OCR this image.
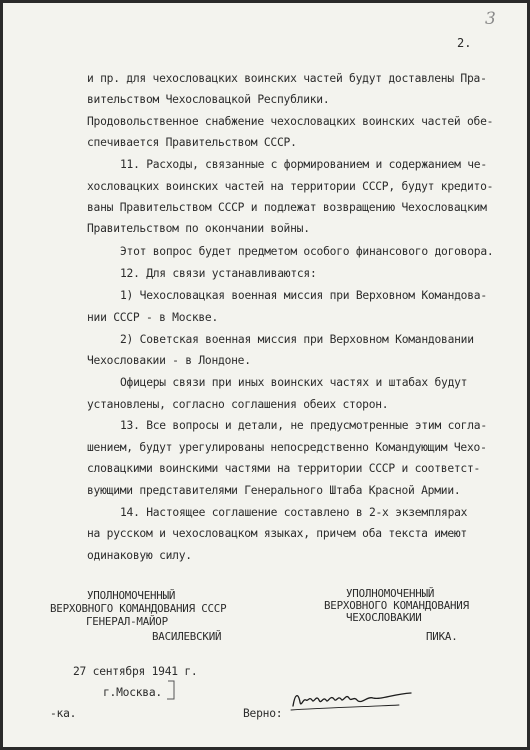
3
2.
и пр. для чехословацких воинских частей будут доставлены Пра-
вительством Чехословацкой Республики.
Продовольственное снабжение чехословацких воинских частей обе-
спечивается Правительством СССР.
11. Расходы, связанные с формированием и содержанием че-
хословацких воинских частей на территории СССР, будут кредито-
ваны Правительством СССР и подлежат возвращению Чехословацким
Правительством по окончании войны.
Этот вопрос будет предметом особого финансового договора.
12. Для связи устанавливаются:
1) Чехословацкая военная миссия при Верховном Командова-
нии СССР - в Москве.
2) Советская военная миссия при Верховном Командовании
Чехословакии - в Лондоне.
Офицеры связи при иных воинских частях и штабах будут
установлены, согласно соглашения обеих сторон.
13. Все вопросы и детали, не предусмотренные этим согла-
шением, будут урегулированы непосредственно Командующим Чехо-
словацкими воинскими частями на территории СССР и соответст-
вующими представителями Генерального Штаба Красной Армии.
14. Настоящее соглашение составлено в 2-х экземплярах
на русском и чехословацком языках, причем оба текста имеют
одинаковую силу.
УПОЛНОМОЧЕННЫЙ
ВЕРХОВНОГО КОМАНДОВАНИЯ СССР
ГЕНЕРАЛ-МАЙОР
ВАСИЛЕВСКИЙ
УПОЛНОМОЧЕННЫЙ
ВЕРХОВНОГО КОМАНДОВАНИЯ
ЧЕХОСЛОВАКИИ
ПИКА.
27 сентября 1941 г.
г.Москва.
-ка.	Верно:
